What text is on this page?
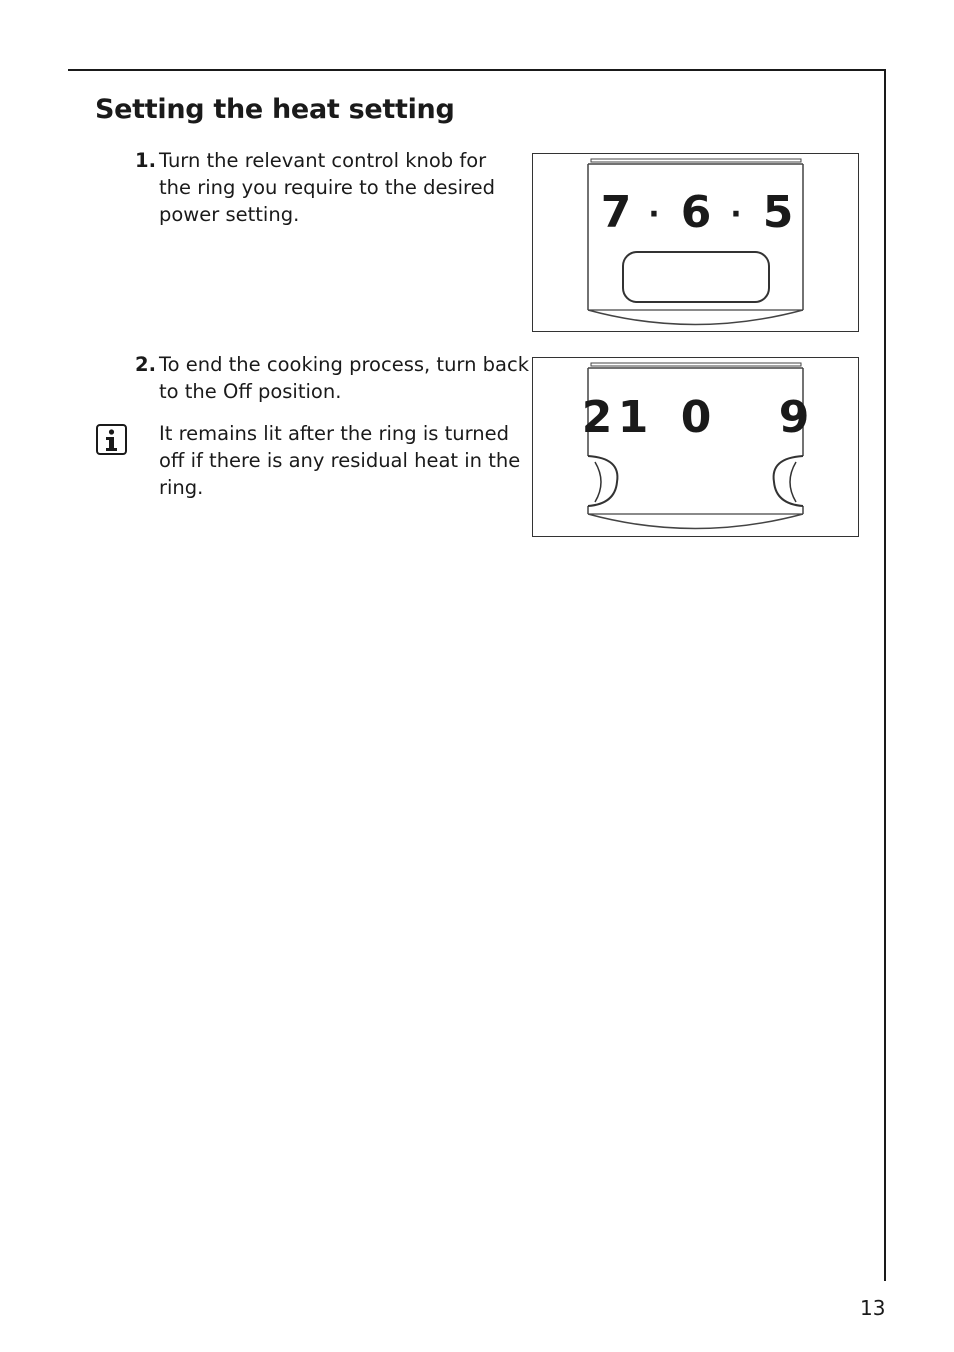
Setting the heat setting
1. Turn the relevant control knob for
the ring you require to the desired
power setting.
2. To end the cooking process, turn back
to the Off position.
It remains lit after the ring is turned
off if there is any residual heat in the
ring.
7 · 6 · 5
2 1 0 9
13
